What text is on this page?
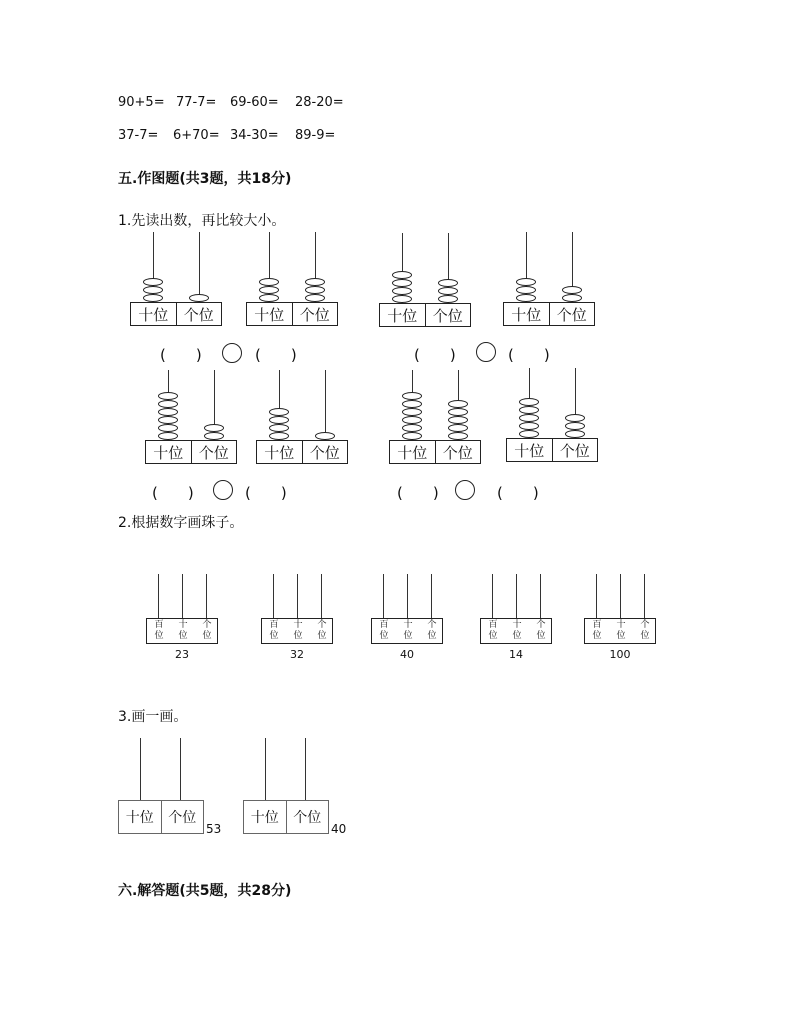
90+5= 77-7= 69-60= 28-20=
37-7= 6+70= 34-30= 89-9=
五.作图题(共3题，共18分)
1.先读出数，再比较大小。
2.根据数字画珠子。
3.画一画。
六.解答题(共5题，共28分)
(　　)	(　　)	(　　)	(　　)
(　　)	(　　)	(　　)	(　　)
十位	个位	十位	个位	十位	个位	十位	个位
十位	个位	十位	个位	十位	个位	十位	个位
百
位
十
位
个
位
23
百
位
十
位
个
位
32
百
位
十
位
个
位
40
百
位
十
位
个
位
14
百
位
十
位
个
位
100
十位	个位
53
十位	个位
40
